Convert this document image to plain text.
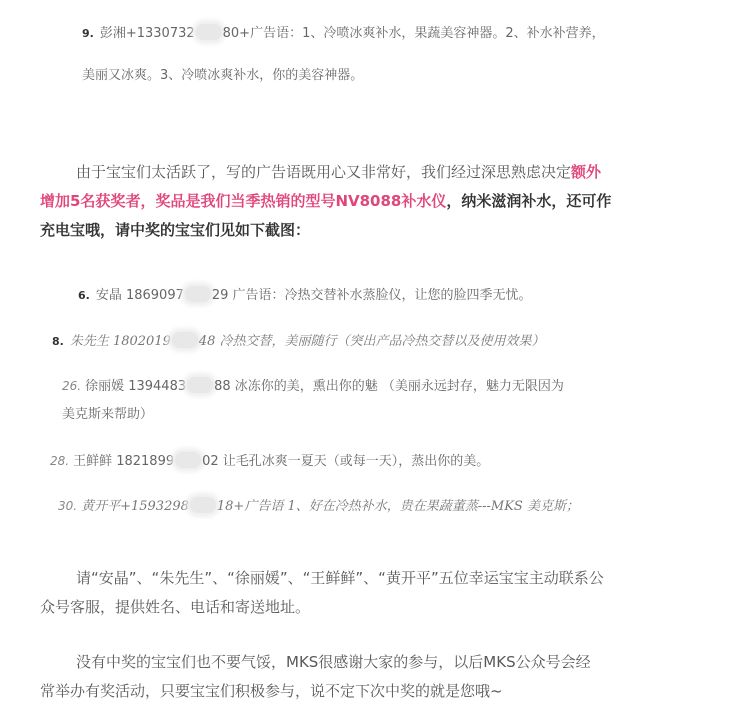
9. 彭湘+1330732 80+广告语：1、冷喷冰爽补水，果蔬美容神器。2、补水补营养，
美丽又冰爽。3、冷喷冰爽补水，你的美容神器。
由于宝宝们太活跃了，写的广告语既用心又非常好，我们经过深思熟虑决定额外
增加5名获奖者，奖品是我们当季热销的型号NV8088补水仪，纳米滋润补水，还可作
充电宝哦，请中奖的宝宝们见如下截图：
6. 安晶 1869097 29 广告语：冷热交替补水蒸脸仪，让您的脸四季无忧。
8. 朱先生 1802019 48 冷热交替，美丽随行（突出产品冷热交替以及使用效果）
26. 徐丽媛 1394483 88 冰冻你的美，熏出你的魅 （美丽永远封存，魅力无限因为
美克斯来帮助）
28. 王鲜鲜 1821899 02 让毛孔冰爽一夏天（或每一天），蒸出你的美。
30. 黄开平+1593298 18+广告语 1、好在冷热补水，贵在果蔬董蒸---MKS 美克斯；
请“安晶”、“朱先生”、“徐丽媛”、“王鲜鲜”、“黄开平”五位幸运宝宝主动联系公
众号客服，提供姓名、电话和寄送地址。
没有中奖的宝宝们也不要气馁，MKS很感谢大家的参与，以后MKS公众号会经
常举办有奖活动，只要宝宝们积极参与，说不定下次中奖的就是您哦~
